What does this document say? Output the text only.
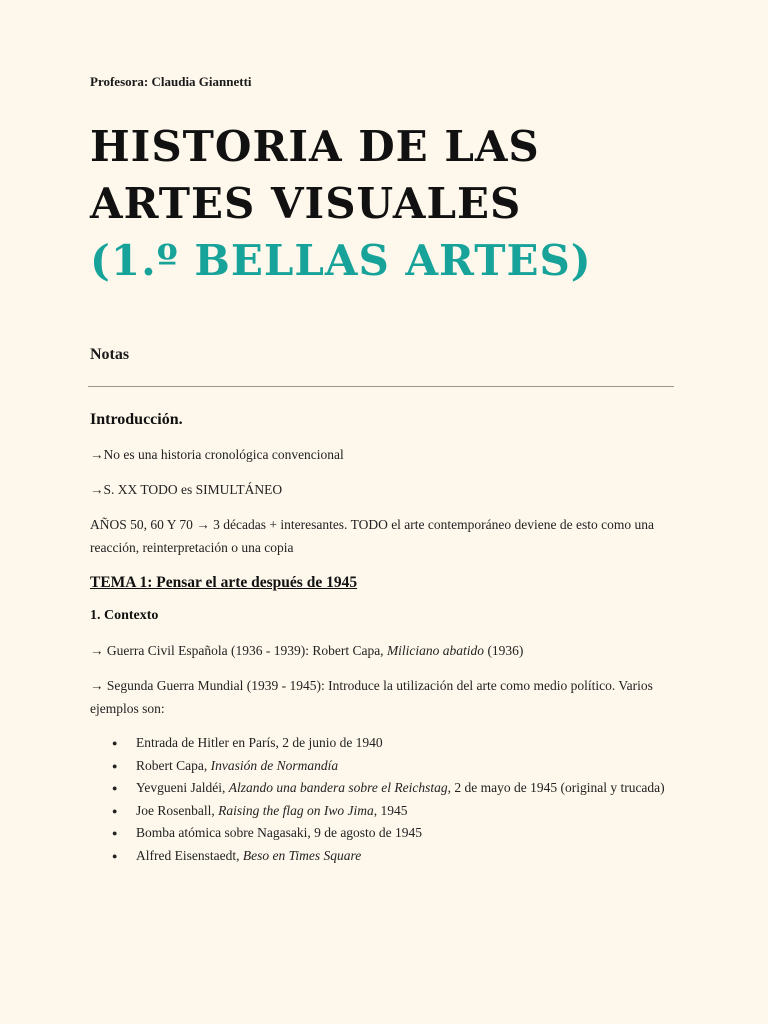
Profesora: Claudia Giannetti
HISTORIA DE LAS
ARTES VISUALES
(1.º BELLAS ARTES)
Notas

Introducción.

→No es una historia cronológica convencional

→S. XX TODO es SIMULTÁNEO

AÑOS 50, 60 Y 70 → 3 décadas + interesantes. TODO el arte contemporáneo deviene de esto como una reacción, reinterpretación o una copia

TEMA 1: Pensar el arte después de 1945

1. Contexto

→ Guerra Civil Española (1936 - 1939): Robert Capa, Miliciano abatido (1936)

→ Segunda Guerra Mundial (1939 - 1945): Introduce la utilización del arte como medio político. Varios ejemplos son:

● Entrada de Hitler en París, 2 de junio de 1940
● Robert Capa, Invasión de Normandía
● Yevgueni Jaldéi, Alzando una bandera sobre el Reichstag, 2 de mayo de 1945 (original y trucada)
● Joe Rosenball, Raising the flag on Iwo Jima, 1945
● Bomba atómica sobre Nagasaki, 9 de agosto de 1945
● Alfred Eisenstaedt, Beso en Times Square
